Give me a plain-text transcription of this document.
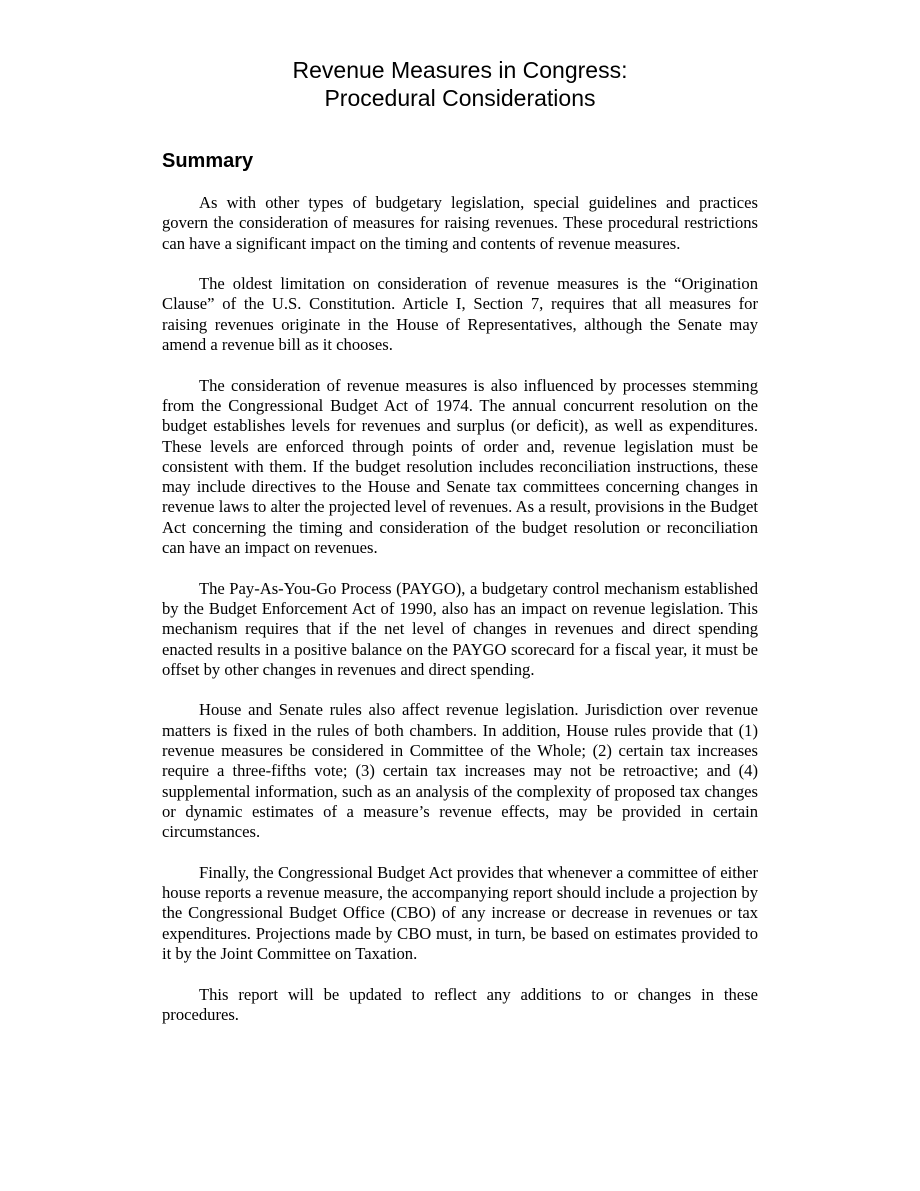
Revenue Measures in Congress:
Procedural Considerations
Summary

As with other types of budgetary legislation, special guidelines and practices govern the consideration of measures for raising revenues. These procedural restrictions can have a significant impact on the timing and contents of revenue measures.

The oldest limitation on consideration of revenue measures is the “Origination Clause” of the U.S. Constitution. Article I, Section 7, requires that all measures for raising revenues originate in the House of Representatives, although the Senate may amend a revenue bill as it chooses.

The consideration of revenue measures is also influenced by processes stemming from the Congressional Budget Act of 1974. The annual concurrent resolution on the budget establishes levels for revenues and surplus (or deficit), as well as expenditures. These levels are enforced through points of order and, revenue legislation must be consistent with them. If the budget resolution includes reconciliation instructions, these may include directives to the House and Senate tax committees concerning changes in revenue laws to alter the projected level of revenues. As a result, provisions in the Budget Act concerning the timing and consideration of the budget resolution or reconciliation can have an impact on revenues.

The Pay-As-You-Go Process (PAYGO), a budgetary control mechanism established by the Budget Enforcement Act of 1990, also has an impact on revenue legislation. This mechanism requires that if the net level of changes in revenues and direct spending enacted results in a positive balance on the PAYGO scorecard for a fiscal year, it must be offset by other changes in revenues and direct spending.

House and Senate rules also affect revenue legislation. Jurisdiction over revenue matters is fixed in the rules of both chambers. In addition, House rules provide that (1) revenue measures be considered in Committee of the Whole; (2) certain tax increases require a three-fifths vote; (3) certain tax increases may not be retroactive; and (4) supplemental information, such as an analysis of the complexity of proposed tax changes or dynamic estimates of a measure’s revenue effects, may be provided in certain circumstances.

Finally, the Congressional Budget Act provides that whenever a committee of either house reports a revenue measure, the accompanying report should include a projection by the Congressional Budget Office (CBO) of any increase or decrease in revenues or tax expenditures. Projections made by CBO must, in turn, be based on estimates provided to it by the Joint Committee on Taxation.

This report will be updated to reflect any additions to or changes in these procedures.
